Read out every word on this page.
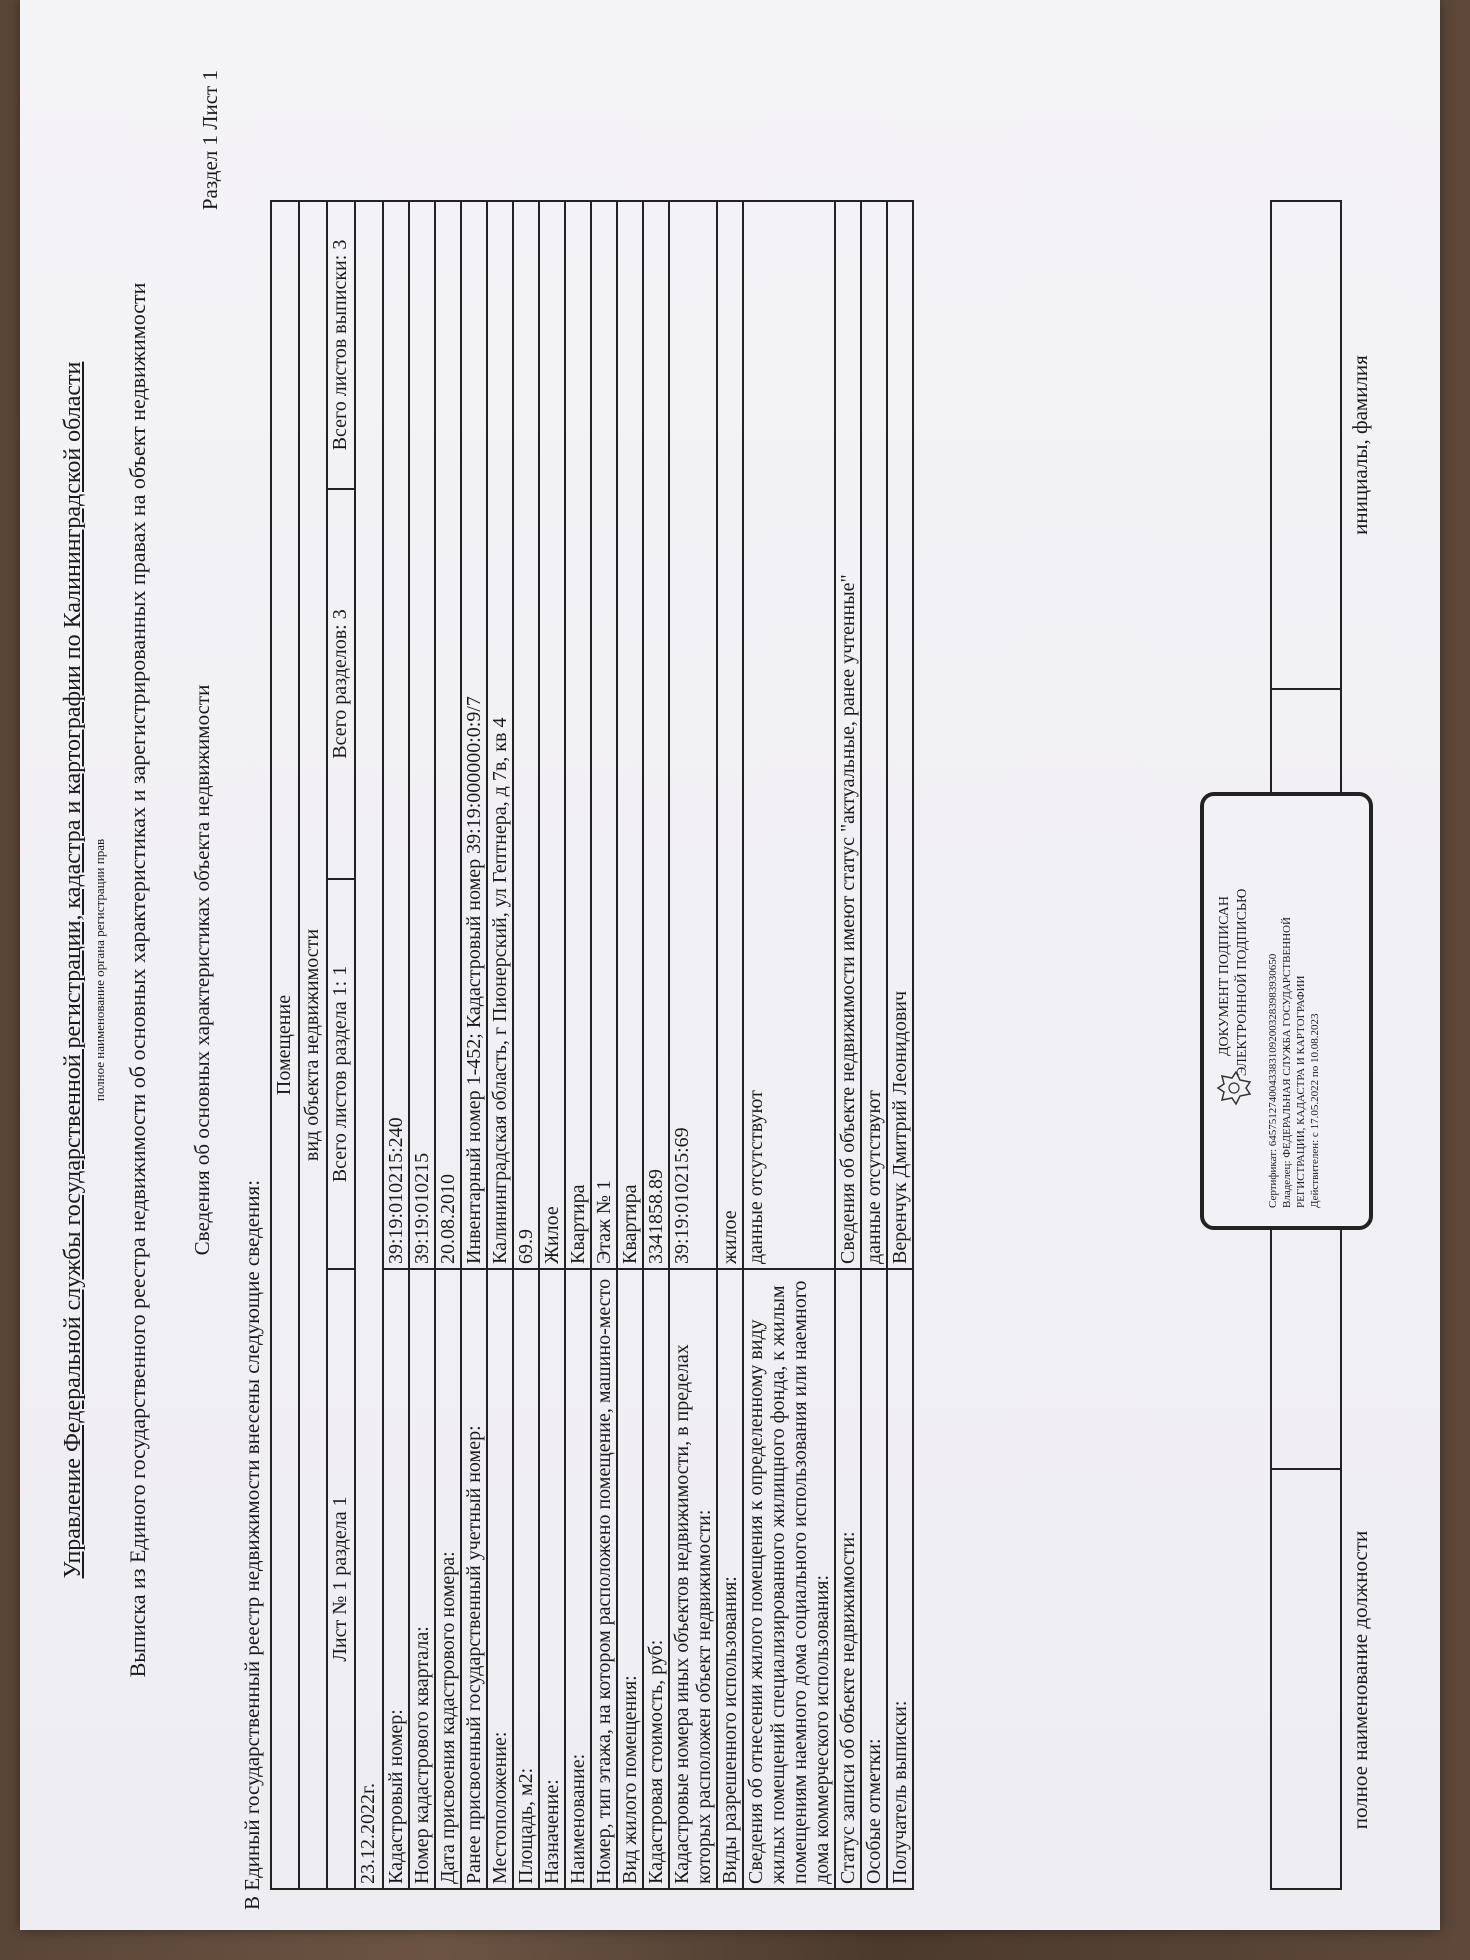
Управление Федеральной службы государственной регистрации, кадастра и картографии по Калининградской области полное наименование органа регистрации прав Выписка из Единого государственного реестра недвижимости об основных характеристиках и зарегистрированных правах на объект недвижимости Сведения об основных характеристиках объекта недвижимости
Раздел 1 Лист 1
В Единый государственный реестр недвижимости внесены следующие сведения:
Помещение			
вид объекта недвижимости			
Лист № 1 раздела 1	Всего листов раздела 1: 1	Всего разделов: 3	Всего листов выписки: 3
23.12.2022г.			
Кадастровый номер:	39:19:010215:240		
Номер кадастрового квартала:	39:19:010215		
Дата присвоения кадастрового номера:	20.08.2010		
Ранее присвоенный государственный учетный номер:	Инвентарный номер 1-452; Кадастровый номер 39:19:000000:0:9/7		
Местоположение:	Калининградская область, г Пионерский, ул Гептнера, д 7в, кв 4		
Площадь, м2:	69.9		
Назначение:	Жилое		
Наименование:	Квартира		
Номер, тип этажа, на котором расположено помещение, машино-место	Этаж № 1		
Вид жилого помещения:	Квартира		
Кадастровая стоимость, руб:	3341858.89		
Кадастровые номера иных объектов недвижимости, в пределах которых расположен объект недвижимости:	39:19:010215:69		
Виды разрешенного использования:	жилое		
Сведения об отнесении жилого помещения к определенному виду жилых помещений специализированного жилищного фонда, к жилым помещениям наемного дома социального использования или наемного дома коммерческого использования:	данные отсутствуют		
Статус записи об объекте недвижимости:	Сведения об объекте недвижимости имеют статус "актуальные, ранее учтенные"		
Особые отметки:	данные отсутствуют		
Получатель выписки:	Веренчук Дмитрий Леонидович		
полное наименование должности
инициалы, фамилия
ДОКУМЕНТ ПОДПИСАН ЭЛЕКТРОННОЙ ПОДПИСЬЮ Сертификат: 64575127400433831092003283983930650 Владелец: ФЕДЕРАЛЬНАЯ СЛУЖБА ГОСУДАРСТВЕННОЙ РЕГИСТРАЦИИ, КАДАСТРА И КАРТОГРАФИИ Действителен: с 17.05.2022 по 10.08.2023
